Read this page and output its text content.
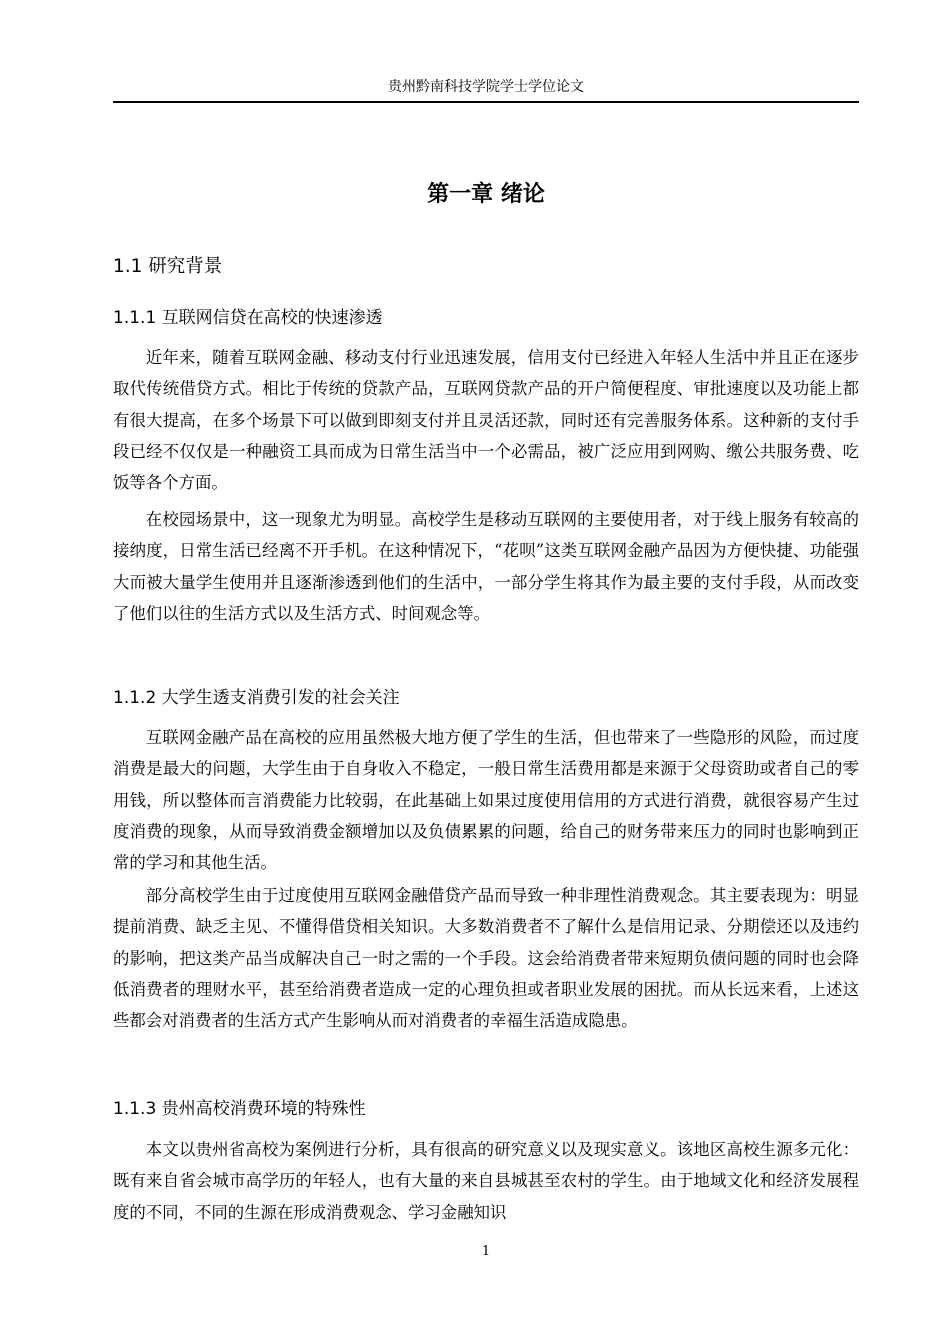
贵州黔南科技学院学士学位论文
第一章 绪论
1.1 研究背景
1.1.1 互联网信贷在高校的快速渗透

近年来，随着互联网金融、移动支付行业迅速发展，信用支付已经进入年轻人生活中并且正在逐步取代传统借贷方式。相比于传统的贷款产品，互联网贷款产品的开户简便程度、审批速度以及功能上都有很大提高，在多个场景下可以做到即刻支付并且灵活还款，同时还有完善服务体系。这种新的支付手段已经不仅仅是一种融资工具而成为日常生活当中一个必需品，被广泛应用到网购、缴公共服务费、吃饭等各个方面。

在校园场景中，这一现象尤为明显。高校学生是移动互联网的主要使用者，对于线上服务有较高的接纳度，日常生活已经离不开手机。在这种情况下，“花呗”这类互联网金融产品因为方便快捷、功能强大而被大量学生使用并且逐渐渗透到他们的生活中，一部分学生将其作为最主要的支付手段，从而改变了他们以往的生活方式以及生活方式、时间观念等。

1.1.2 大学生透支消费引发的社会关注

互联网金融产品在高校的应用虽然极大地方便了学生的生活，但也带来了一些隐形的风险，而过度消费是最大的问题，大学生由于自身收入不稳定，一般日常生活费用都是来源于父母资助或者自己的零用钱，所以整体而言消费能力比较弱，在此基础上如果过度使用信用的方式进行消费，就很容易产生过度消费的现象，从而导致消费金额增加以及负债累累的问题，给自己的财务带来压力的同时也影响到正常的学习和其他生活。

部分高校学生由于过度使用互联网金融借贷产品而导致一种非理性消费观念。其主要表现为：明显提前消费、缺乏主见、不懂得借贷相关知识。大多数消费者不了解什么是信用记录、分期偿还以及违约的影响，把这类产品当成解决自己一时之需的一个手段。这会给消费者带来短期负债问题的同时也会降低消费者的理财水平，甚至给消费者造成一定的心理负担或者职业发展的困扰。而从长远来看，上述这些都会对消费者的生活方式产生影响从而对消费者的幸福生活造成隐患。

1.1.3 贵州高校消费环境的特殊性

本文以贵州省高校为案例进行分析，具有很高的研究意义以及现实意义。该地区高校生源多元化：既有来自省会城市高学历的年轻人，也有大量的来自县城甚至农村的学生。由于地域文化和经济发展程度的不同，不同的生源在形成消费观念、学习金融知识

1
